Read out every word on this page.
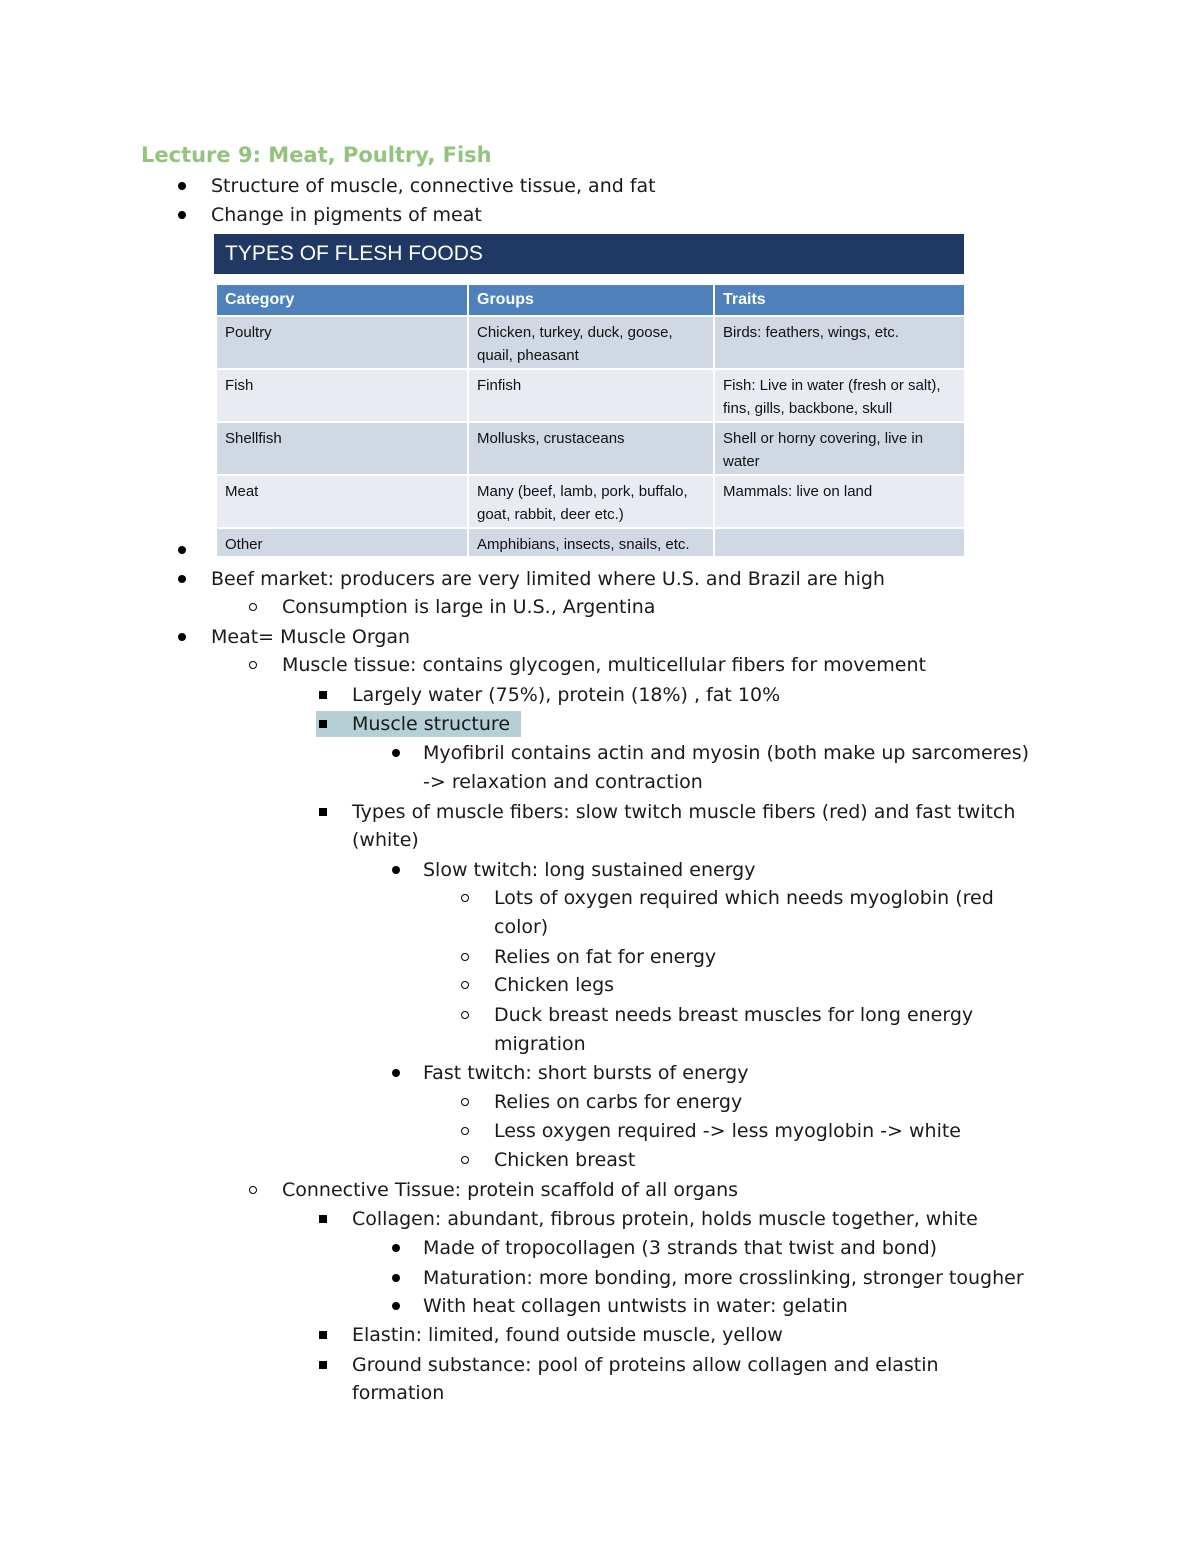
Lecture 9: Meat, Poultry, Fish
Structure of muscle, connective tissue, and fat
Change in pigments of meat
TYPES OF FLESH FOODS
Category	Groups	Traits
Poultry	Chicken, turkey, duck, goose, quail, pheasant	Birds: feathers, wings, etc.
Fish	Finfish	Fish: Live in water (fresh or salt), fins, gills, backbone, skull
Shellfish	Mollusks, crustaceans	Shell or horny covering, live in water
Meat	Many (beef, lamb, pork, buffalo, goat, rabbit, deer etc.)	Mammals: live on land
Other	Amphibians, insects, snails, etc.	
Beef market: producers are very limited where U.S. and Brazil are high
Consumption is large in U.S., Argentina
Meat= Muscle Organ
Muscle tissue: contains glycogen, multicellular fibers for movement
Largely water (75%), protein (18%) , fat 10%
Muscle structure
Myofibril contains actin and myosin (both make up sarcomeres)
-> relaxation and contraction
Types of muscle fibers: slow twitch muscle fibers (red) and fast twitch
(white)
Slow twitch: long sustained energy
Lots of oxygen required which needs myoglobin (red
color)
Relies on fat for energy
Chicken legs
Duck breast needs breast muscles for long energy
migration
Fast twitch: short bursts of energy
Relies on carbs for energy
Less oxygen required -> less myoglobin -> white
Chicken breast
Connective Tissue: protein scaffold of all organs
Collagen: abundant, fibrous protein, holds muscle together, white
Made of tropocollagen (3 strands that twist and bond)
Maturation: more bonding, more crosslinking, stronger tougher
With heat collagen untwists in water: gelatin
Elastin: limited, found outside muscle, yellow
Ground substance: pool of proteins allow collagen and elastin
formation
